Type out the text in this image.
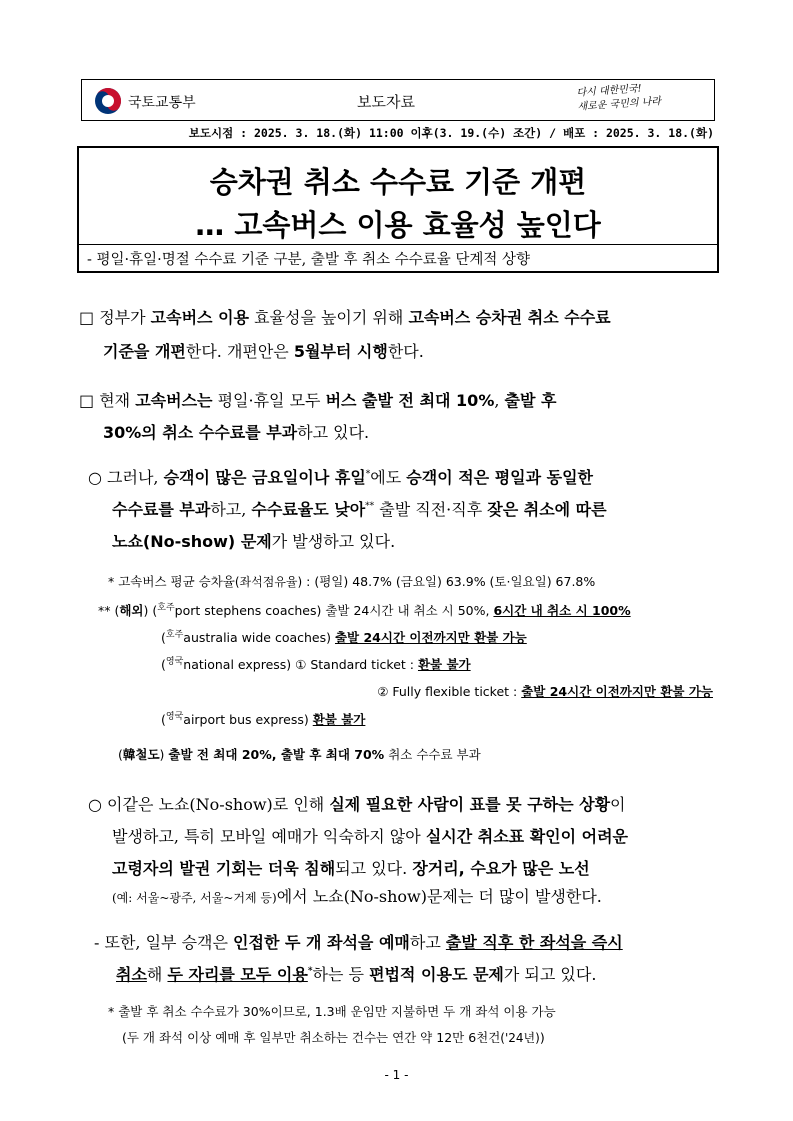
국토교통부	보도자료
다시 대한민국!
새로운 국민의 나라
보도시점 : 2025. 3. 18.(화) 11:00 이후(3. 19.(수) 조간) / 배포 : 2025. 3. 18.(화)
승차권 취소 수수료 기준 개편
… 고속버스 이용 효율성 높인다
- 평일·휴일·명절 수수료 기준 구분, 출발 후 취소 수수료율 단계적 상향
□ 정부가 고속버스 이용 효율성을 높이기 위해 고속버스 승차권 취소 수수료
기준을 개편한다. 개편안은 5월부터 시행한다.
□ 현재 고속버스는 평일·휴일 모두 버스 출발 전 최대 10%, 출발 후
30%의 취소 수수료를 부과하고 있다.
○ 그러나, 승객이 많은 금요일이나 휴일*에도 승객이 적은 평일과 동일한
수수료를 부과하고, 수수료율도 낮아** 출발 직전·직후 잦은 취소에 따른
노쇼(No-show) 문제가 발생하고 있다.
* 고속버스 평균 승차율(좌석점유율) : (평일) 48.7% (금요일) 63.9% (토·일요일) 67.8%
** (해외) ($^{호주}$port stephens coaches) 출발 24시간 내 취소 시 50%, 6시간 내 취소 시 100%
($^{호주}$australia wide coaches) 출발 24시간 이전까지만 환불 가능
($^{영국}$national express) ① Standard ticket : 환불 불가
② Fully flexible ticket : 출발 24시간 이전까지만 환불 가능
($^{영국}$airport bus express) 환불 불가
(韓철도) 출발 전 최대 20%, 출발 후 최대 70% 취소 수수료 부과
○ 이같은 노쇼(No-show)로 인해 실제 필요한 사람이 표를 못 구하는 상황이
발생하고, 특히 모바일 예매가 익숙하지 않아 실시간 취소표 확인이 어려운
고령자의 발권 기회는 더욱 침해되고 있다. 장거리, 수요가 많은 노선
(예: 서울~광주, 서울~거제 등)에서 노쇼(No-show)문제는 더 많이 발생한다.
- 또한, 일부 승객은 인접한 두 개 좌석을 예매하고 출발 직후 한 좌석을 즉시
취소해 두 자리를 모두 이용*하는 등 편법적 이용도 문제가 되고 있다.
* 출발 후 취소 수수료가 30%이므로, 1.3배 운임만 지불하면 두 개 좌석 이용 가능
(두 개 좌석 이상 예매 후 일부만 취소하는 건수는 연간 약 12만 6천건('24년))
- 1 -
